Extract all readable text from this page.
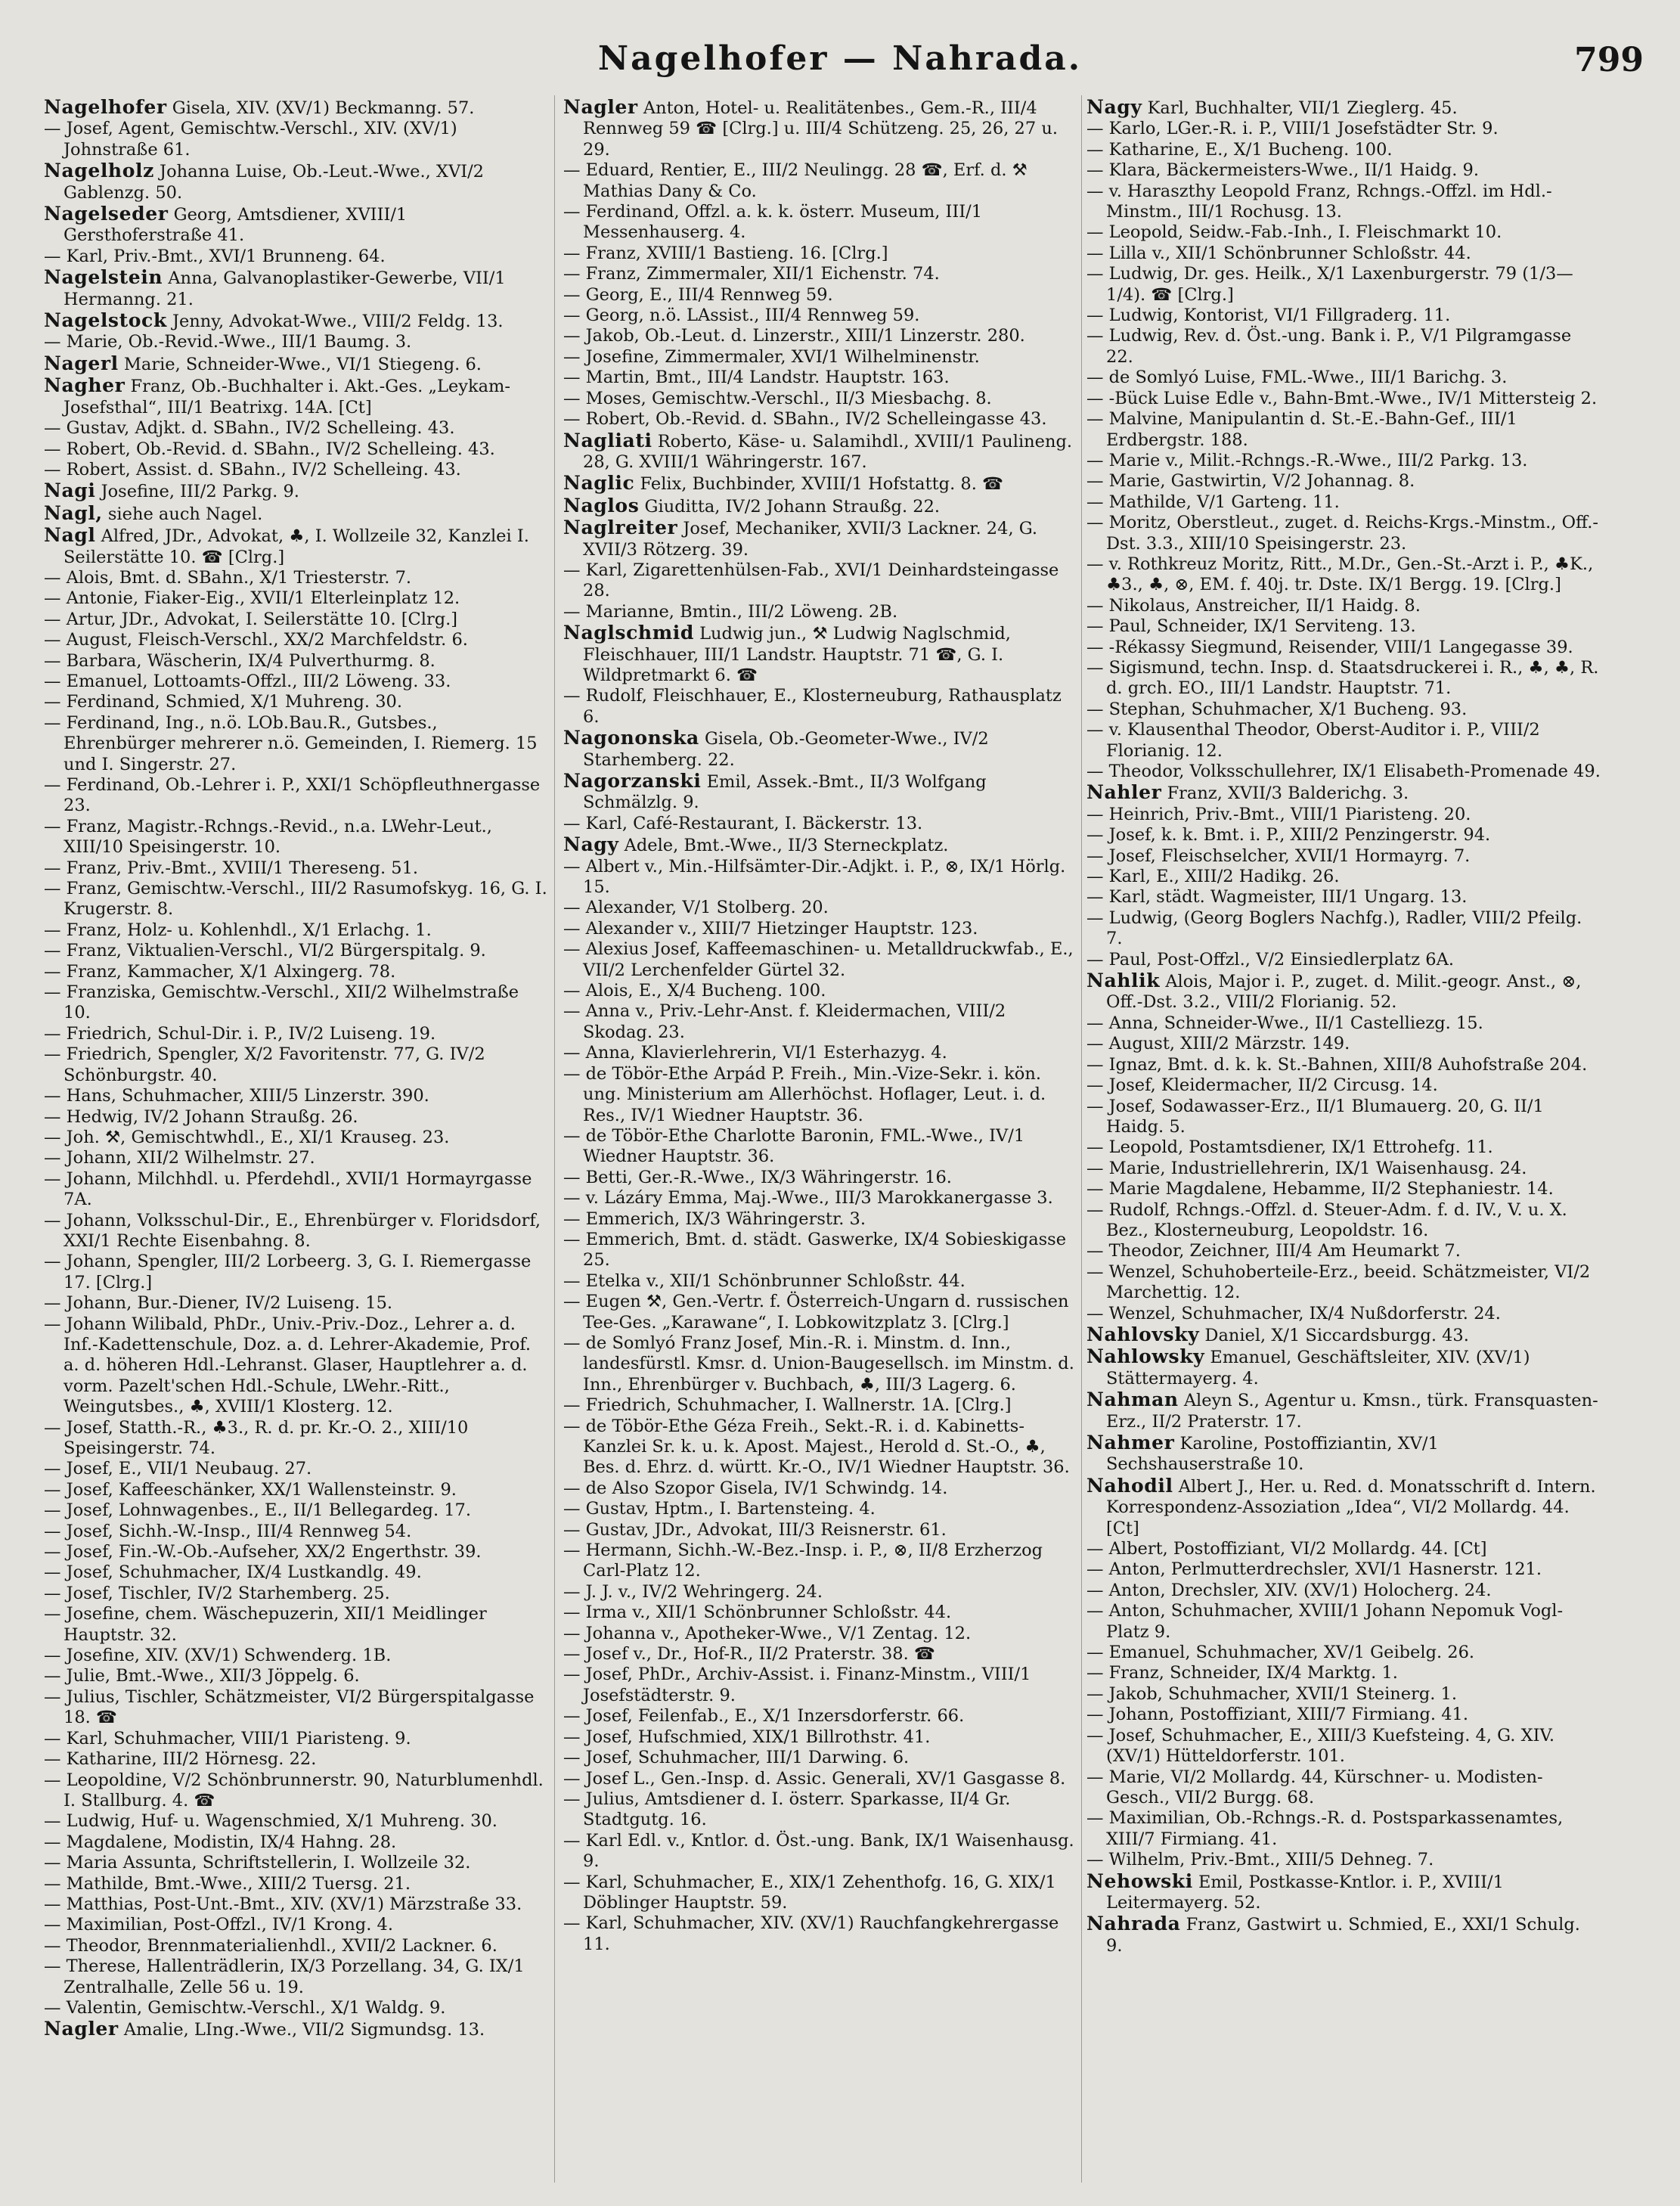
Nagelhofer — Nahrada.	799
Nagelhofer Gisela, XIV. (XV/1) Beckmanng. 57.
— Josef, Agent, Gemischtw.-Verschl., XIV. (XV/1) Johnstraße 61.
Nagelholz Johanna Luise, Ob.-Leut.-Wwe., XVI/2 Gablenzg. 50.
Nagelseder Georg, Amtsdiener, XVIII/1 Gersthoferstraße 41.
— Karl, Priv.-Bmt., XVI/1 Brunneng. 64.
Nagelstein Anna, Galvanoplastiker-Gewerbe, VII/1 Hermanng. 21.
Nagelstock Jenny, Advokat-Wwe., VIII/2 Feldg. 13.
— Marie, Ob.-Revid.-Wwe., III/1 Baumg. 3.
Nagerl Marie, Schneider-Wwe., VI/1 Stiegeng. 6.
Nagher Franz, Ob.-Buchhalter i. Akt.-Ges. „Leykam-Josefsthal“, III/1 Beatrixg. 14A. [Ct]
— Gustav, Adjkt. d. SBahn., IV/2 Schelleing. 43.
— Robert, Ob.-Revid. d. SBahn., IV/2 Schelleing. 43.
— Robert, Assist. d. SBahn., IV/2 Schelleing. 43.
Nagi Josefine, III/2 Parkg. 9.
Nagl, siehe auch Nagel.
Nagl Alfred, JDr., Advokat, ♣, I. Wollzeile 32, Kanzlei I. Seilerstätte 10. ☎ [Clrg.]
— Alois, Bmt. d. SBahn., X/1 Triesterstr. 7.
— Antonie, Fiaker-Eig., XVII/1 Elterleinplatz 12.
— Artur, JDr., Advokat, I. Seilerstätte 10. [Clrg.]
— August, Fleisch-Verschl., XX/2 Marchfeldstr. 6.
— Barbara, Wäscherin, IX/4 Pulverthurmg. 8.
— Emanuel, Lottoamts-Offzl., III/2 Löweng. 33.
— Ferdinand, Schmied, X/1 Muhreng. 30.
— Ferdinand, Ing., n.ö. LOb.Bau.R., Gutsbes., Ehrenbürger mehrerer n.ö. Gemeinden, I. Riemerg. 15 und I. Singerstr. 27.
— Ferdinand, Ob.-Lehrer i. P., XXI/1 Schöpfleuthnergasse 23.
— Franz, Magistr.-Rchngs.-Revid., n.a. LWehr-Leut., XIII/10 Speisingerstr. 10.
— Franz, Priv.-Bmt., XVIII/1 Thereseng. 51.
— Franz, Gemischtw.-Verschl., III/2 Rasumofskyg. 16, G. I. Krugerstr. 8.
— Franz, Holz- u. Kohlenhdl., X/1 Erlachg. 1.
— Franz, Viktualien-Verschl., VI/2 Bürgerspitalg. 9.
— Franz, Kammacher, X/1 Alxingerg. 78.
— Franziska, Gemischtw.-Verschl., XII/2 Wilhelmstraße 10.
— Friedrich, Schul-Dir. i. P., IV/2 Luiseng. 19.
— Friedrich, Spengler, X/2 Favoritenstr. 77, G. IV/2 Schönburgstr. 40.
— Hans, Schuhmacher, XIII/5 Linzerstr. 390.
— Hedwig, IV/2 Johann Straußg. 26.
— Joh. ⚒, Gemischtwhdl., E., XI/1 Krauseg. 23.
— Johann, XII/2 Wilhelmstr. 27.
— Johann, Milchhdl. u. Pferdehdl., XVII/1 Hormayrgasse 7A.
— Johann, Volksschul-Dir., E., Ehrenbürger v. Floridsdorf, XXI/1 Rechte Eisenbahng. 8.
— Johann, Spengler, III/2 Lorbeerg. 3, G. I. Riemergasse 17. [Clrg.]
— Johann, Bur.-Diener, IV/2 Luiseng. 15.
— Johann Wilibald, PhDr., Univ.-Priv.-Doz., Lehrer a. d. Inf.-Kadettenschule, Doz. a. d. Lehrer-Akademie, Prof. a. d. höheren Hdl.-Lehranst. Glaser, Hauptlehrer a. d. vorm. Pazelt'schen Hdl.-Schule, LWehr.-Ritt., Weingutsbes., ♣, XVIII/1 Klosterg. 12.
— Josef, Statth.-R., ♣3., R. d. pr. Kr.-O. 2., XIII/10 Speisingerstr. 74.
— Josef, E., VII/1 Neubaug. 27.
— Josef, Kaffeeschänker, XX/1 Wallensteinstr. 9.
— Josef, Lohnwagenbes., E., II/1 Bellegardeg. 17.
— Josef, Sichh.-W.-Insp., III/4 Rennweg 54.
— Josef, Fin.-W.-Ob.-Aufseher, XX/2 Engerthstr. 39.
— Josef, Schuhmacher, IX/4 Lustkandlg. 49.
— Josef, Tischler, IV/2 Starhemberg. 25.
— Josefine, chem. Wäschepuzerin, XII/1 Meidlinger Hauptstr. 32.
— Josefine, XIV. (XV/1) Schwenderg. 1B.
— Julie, Bmt.-Wwe., XII/3 Jöppelg. 6.
— Julius, Tischler, Schätzmeister, VI/2 Bürgerspitalgasse 18. ☎
— Karl, Schuhmacher, VIII/1 Piaristeng. 9.
— Katharine, III/2 Hörnesg. 22.
— Leopoldine, V/2 Schönbrunnerstr. 90, Naturblumenhdl. I. Stallburg. 4. ☎
— Ludwig, Huf- u. Wagenschmied, X/1 Muhreng. 30.
— Magdalene, Modistin, IX/4 Hahng. 28.
— Maria Assunta, Schriftstellerin, I. Wollzeile 32.
— Mathilde, Bmt.-Wwe., XIII/2 Tuersg. 21.
— Matthias, Post-Unt.-Bmt., XIV. (XV/1) Märzstraße 33.
— Maximilian, Post-Offzl., IV/1 Krong. 4.
— Theodor, Brennmaterialienhdl., XVII/2 Lackner. 6.
— Therese, Hallenträdlerin, IX/3 Porzellang. 34, G. IX/1 Zentralhalle, Zelle 56 u. 19.
— Valentin, Gemischtw.-Verschl., X/1 Waldg. 9.
Nagler Amalie, LIng.-Wwe., VII/2 Sigmundsg. 13.
Nagler Anton, Hotel- u. Realitätenbes., Gem.-R., III/4 Rennweg 59 ☎ [Clrg.] u. III/4 Schützeng. 25, 26, 27 u. 29.
— Eduard, Rentier, E., III/2 Neulingg. 28 ☎, Erf. d. ⚒ Mathias Dany & Co.
— Ferdinand, Offzl. a. k. k. österr. Museum, III/1 Messenhauserg. 4.
— Franz, XVIII/1 Bastieng. 16. [Clrg.]
— Franz, Zimmermaler, XII/1 Eichenstr. 74.
— Georg, E., III/4 Rennweg 59.
— Georg, n.ö. LAssist., III/4 Rennweg 59.
— Jakob, Ob.-Leut. d. Linzerstr., XIII/1 Linzerstr. 280.
— Josefine, Zimmermaler, XVI/1 Wilhelminenstr.
— Martin, Bmt., III/4 Landstr. Hauptstr. 163.
— Moses, Gemischtw.-Verschl., II/3 Miesbachg. 8.
— Robert, Ob.-Revid. d. SBahn., IV/2 Schelleingasse 43.
Nagliati Roberto, Käse- u. Salamihdl., XVIII/1 Paulineng. 28, G. XVIII/1 Währingerstr. 167.
Naglic Felix, Buchbinder, XVIII/1 Hofstattg. 8. ☎
Naglos Giuditta, IV/2 Johann Straußg. 22.
Naglreiter Josef, Mechaniker, XVII/3 Lackner. 24, G. XVII/3 Rötzerg. 39.
— Karl, Zigarettenhülsen-Fab., XVI/1 Deinhardsteingasse 28.
— Marianne, Bmtin., III/2 Löweng. 2B.
Naglschmid Ludwig jun., ⚒ Ludwig Naglschmid, Fleischhauer, III/1 Landstr. Hauptstr. 71 ☎, G. I. Wildpretmarkt 6. ☎
— Rudolf, Fleischhauer, E., Klosterneuburg, Rathausplatz 6.
Nagononska Gisela, Ob.-Geometer-Wwe., IV/2 Starhemberg. 22.
Nagorzanski Emil, Assek.-Bmt., II/3 Wolfgang Schmälzlg. 9.
— Karl, Café-Restaurant, I. Bäckerstr. 13.
Nagy Adele, Bmt.-Wwe., II/3 Sterneckplatz.
— Albert v., Min.-Hilfsämter-Dir.-Adjkt. i. P., ⊗, IX/1 Hörlg. 15.
— Alexander, V/1 Stolberg. 20.
— Alexander v., XIII/7 Hietzinger Hauptstr. 123.
— Alexius Josef, Kaffeemaschinen- u. Metalldruckwfab., E., VII/2 Lerchenfelder Gürtel 32.
— Alois, E., X/4 Bucheng. 100.
— Anna v., Priv.-Lehr-Anst. f. Kleidermachen, VIII/2 Skodag. 23.
— Anna, Klavierlehrerin, VI/1 Esterhazyg. 4.
— de Töbör-Ethe Arpád P. Freih., Min.-Vize-Sekr. i. kön. ung. Ministerium am Allerhöchst. Hoflager, Leut. i. d. Res., IV/1 Wiedner Hauptstr. 36.
— de Töbör-Ethe Charlotte Baronin, FML.-Wwe., IV/1 Wiedner Hauptstr. 36.
— Betti, Ger.-R.-Wwe., IX/3 Währingerstr. 16.
— v. Lázáry Emma, Maj.-Wwe., III/3 Marokkanergasse 3.
— Emmerich, IX/3 Währingerstr. 3.
— Emmerich, Bmt. d. städt. Gaswerke, IX/4 Sobieskigasse 25.
— Etelka v., XII/1 Schönbrunner Schloßstr. 44.
— Eugen ⚒, Gen.-Vertr. f. Österreich-Ungarn d. russischen Tee-Ges. „Karawane“, I. Lobkowitzplatz 3. [Clrg.]
— de Somlyó Franz Josef, Min.-R. i. Minstm. d. Inn., landesfürstl. Kmsr. d. Union-Baugesellsch. im Minstm. d. Inn., Ehrenbürger v. Buchbach, ♣, III/3 Lagerg. 6.
— Friedrich, Schuhmacher, I. Wallnerstr. 1A. [Clrg.]
— de Töbör-Ethe Géza Freih., Sekt.-R. i. d. Kabinetts-Kanzlei Sr. k. u. k. Apost. Majest., Herold d. St.-O., ♣, Bes. d. Ehrz. d. württ. Kr.-O., IV/1 Wiedner Hauptstr. 36.
— de Also Szopor Gisela, IV/1 Schwindg. 14.
— Gustav, Hptm., I. Bartensteing. 4.
— Gustav, JDr., Advokat, III/3 Reisnerstr. 61.
— Hermann, Sichh.-W.-Bez.-Insp. i. P., ⊗, II/8 Erzherzog Carl-Platz 12.
— J. J. v., IV/2 Wehringerg. 24.
— Irma v., XII/1 Schönbrunner Schloßstr. 44.
— Johanna v., Apotheker-Wwe., V/1 Zentag. 12.
— Josef v., Dr., Hof-R., II/2 Praterstr. 38. ☎
— Josef, PhDr., Archiv-Assist. i. Finanz-Minstm., VIII/1 Josefstädterstr. 9.
— Josef, Feilenfab., E., X/1 Inzersdorferstr. 66.
— Josef, Hufschmied, XIX/1 Billrothstr. 41.
— Josef, Schuhmacher, III/1 Darwing. 6.
— Josef L., Gen.-Insp. d. Assic. Generali, XV/1 Gasgasse 8.
— Julius, Amtsdiener d. I. österr. Sparkasse, II/4 Gr. Stadtgutg. 16.
— Karl Edl. v., Kntlor. d. Öst.-ung. Bank, IX/1 Waisenhausg. 9.
— Karl, Schuhmacher, E., XIX/1 Zehenthofg. 16, G. XIX/1 Döblinger Hauptstr. 59.
— Karl, Schuhmacher, XIV. (XV/1) Rauchfangkehrergasse 11.
Nagy Karl, Buchhalter, VII/1 Zieglerg. 45.
— Karlo, LGer.-R. i. P., VIII/1 Josefstädter Str. 9.
— Katharine, E., X/1 Bucheng. 100.
— Klara, Bäckermeisters-Wwe., II/1 Haidg. 9.
— v. Haraszthy Leopold Franz, Rchngs.-Offzl. im Hdl.-Minstm., III/1 Rochusg. 13.
— Leopold, Seidw.-Fab.-Inh., I. Fleischmarkt 10.
— Lilla v., XII/1 Schönbrunner Schloßstr. 44.
— Ludwig, Dr. ges. Heilk., X/1 Laxenburgerstr. 79 (1/3—1/4). ☎ [Clrg.]
— Ludwig, Kontorist, VI/1 Fillgraderg. 11.
— Ludwig, Rev. d. Öst.-ung. Bank i. P., V/1 Pilgramgasse 22.
— de Somlyó Luise, FML.-Wwe., III/1 Barichg. 3.
— -Bück Luise Edle v., Bahn-Bmt.-Wwe., IV/1 Mittersteig 2.
— Malvine, Manipulantin d. St.-E.-Bahn-Gef., III/1 Erdbergstr. 188.
— Marie v., Milit.-Rchngs.-R.-Wwe., III/2 Parkg. 13.
— Marie, Gastwirtin, V/2 Johannag. 8.
— Mathilde, V/1 Garteng. 11.
— Moritz, Oberstleut., zuget. d. Reichs-Krgs.-Minstm., Off.-Dst. 3.3., XIII/10 Speisingerstr. 23.
— v. Rothkreuz Moritz, Ritt., M.Dr., Gen.-St.-Arzt i. P., ♣K., ♣3., ♣, ⊗, EM. f. 40j. tr. Dste. IX/1 Bergg. 19. [Clrg.]
— Nikolaus, Anstreicher, II/1 Haidg. 8.
— Paul, Schneider, IX/1 Serviteng. 13.
— -Rékassy Siegmund, Reisender, VIII/1 Langegasse 39.
— Sigismund, techn. Insp. d. Staatsdruckerei i. R., ♣, ♣, R. d. grch. EO., III/1 Landstr. Hauptstr. 71.
— Stephan, Schuhmacher, X/1 Bucheng. 93.
— v. Klausenthal Theodor, Oberst-Auditor i. P., VIII/2 Florianig. 12.
— Theodor, Volksschullehrer, IX/1 Elisabeth-Promenade 49.
Nahler Franz, XVII/3 Balderichg. 3.
— Heinrich, Priv.-Bmt., VIII/1 Piaristeng. 20.
— Josef, k. k. Bmt. i. P., XIII/2 Penzingerstr. 94.
— Josef, Fleischselcher, XVII/1 Hormayrg. 7.
— Karl, E., XIII/2 Hadikg. 26.
— Karl, städt. Wagmeister, III/1 Ungarg. 13.
— Ludwig, (Georg Boglers Nachfg.), Radler, VIII/2 Pfeilg. 7.
— Paul, Post-Offzl., V/2 Einsiedlerplatz 6A.
Nahlik Alois, Major i. P., zuget. d. Milit.-geogr. Anst., ⊗, Off.-Dst. 3.2., VIII/2 Florianig. 52.
— Anna, Schneider-Wwe., II/1 Castelliezg. 15.
— August, XIII/2 Märzstr. 149.
— Ignaz, Bmt. d. k. k. St.-Bahnen, XIII/8 Auhofstraße 204.
— Josef, Kleidermacher, II/2 Circusg. 14.
— Josef, Sodawasser-Erz., II/1 Blumauerg. 20, G. II/1 Haidg. 5.
— Leopold, Postamtsdiener, IX/1 Ettrohefg. 11.
— Marie, Industriellehrerin, IX/1 Waisenhausg. 24.
— Marie Magdalene, Hebamme, II/2 Stephaniestr. 14.
— Rudolf, Rchngs.-Offzl. d. Steuer-Adm. f. d. IV., V. u. X. Bez., Klosterneuburg, Leopoldstr. 16.
— Theodor, Zeichner, III/4 Am Heumarkt 7.
— Wenzel, Schuhoberteile-Erz., beeid. Schätzmeister, VI/2 Marchettig. 12.
— Wenzel, Schuhmacher, IX/4 Nußdorferstr. 24.
Nahlovsky Daniel, X/1 Siccardsburgg. 43.
Nahlowsky Emanuel, Geschäftsleiter, XIV. (XV/1) Stättermayerg. 4.
Nahman Aleyn S., Agentur u. Kmsn., türk. Fransquasten-Erz., II/2 Praterstr. 17.
Nahmer Karoline, Postoffiziantin, XV/1 Sechshauserstraße 10.
Nahodil Albert J., Her. u. Red. d. Monatsschrift d. Intern. Korrespondenz-Assoziation „Idea“, VI/2 Mollardg. 44. [Ct]
— Albert, Postoffiziant, VI/2 Mollardg. 44. [Ct]
— Anton, Perlmutterdrechsler, XVI/1 Hasnerstr. 121.
— Anton, Drechsler, XIV. (XV/1) Holocherg. 24.
— Anton, Schuhmacher, XVIII/1 Johann Nepomuk Vogl-Platz 9.
— Emanuel, Schuhmacher, XV/1 Geibelg. 26.
— Franz, Schneider, IX/4 Marktg. 1.
— Jakob, Schuhmacher, XVII/1 Steinerg. 1.
— Johann, Postoffiziant, XIII/7 Firmiang. 41.
— Josef, Schuhmacher, E., XIII/3 Kuefsteing. 4, G. XIV. (XV/1) Hütteldorferstr. 101.
— Marie, VI/2 Mollardg. 44, Kürschner- u. Modisten-Gesch., VII/2 Burgg. 68.
— Maximilian, Ob.-Rchngs.-R. d. Postsparkassenamtes, XIII/7 Firmiang. 41.
— Wilhelm, Priv.-Bmt., XIII/5 Dehneg. 7.
Nehowski Emil, Postkasse-Kntlor. i. P., XVIII/1 Leitermayerg. 52.
Nahrada Franz, Gastwirt u. Schmied, E., XXI/1 Schulg. 9.
